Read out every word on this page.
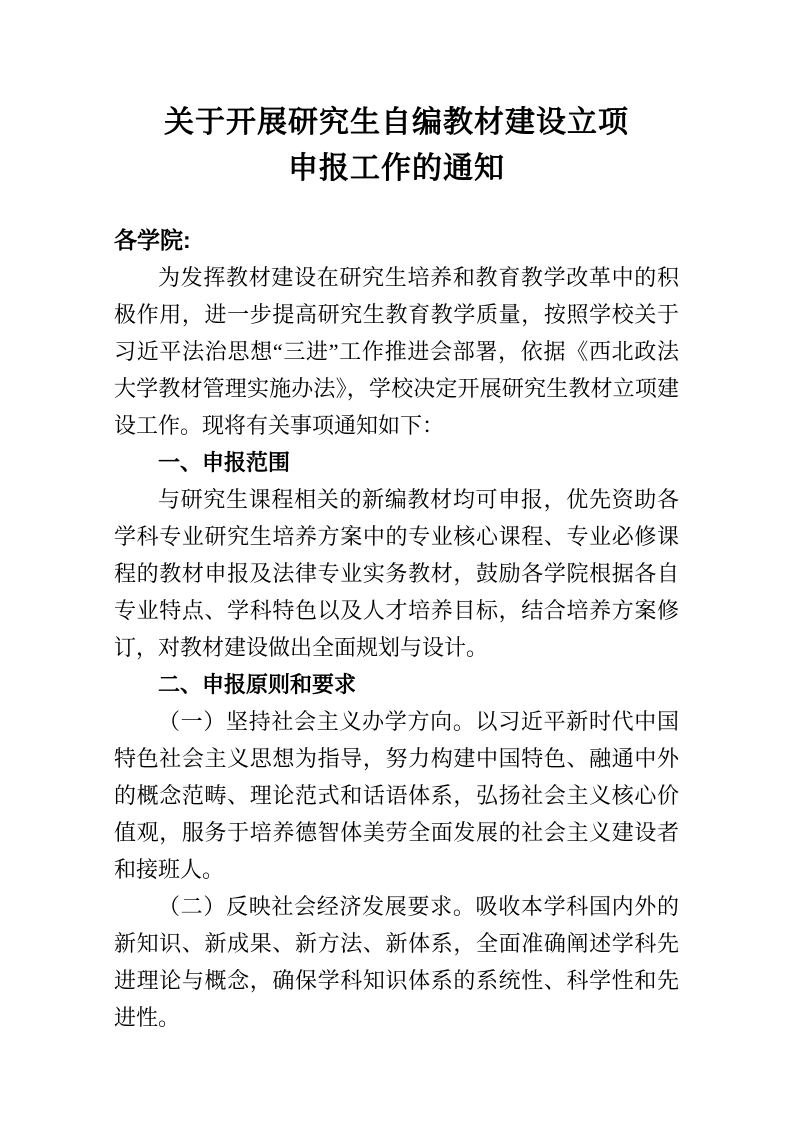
关于开展研究生自编教材建设立项
申报工作的通知
各学院:

为发挥教材建设在研究生培养和教育教学改革中的积极作用，进一步提高研究生教育教学质量，按照学校关于习近平法治思想“三进”工作推进会部署，依据《西北政法大学教材管理实施办法》，学校决定开展研究生教材立项建设工作。现将有关事项通知如下：

一、申报范围

与研究生课程相关的新编教材均可申报，优先资助各学科专业研究生培养方案中的专业核心课程、专业必修课程的教材申报及法律专业实务教材，鼓励各学院根据各自专业特点、学科特色以及人才培养目标，结合培养方案修订，对教材建设做出全面规划与设计。

二、申报原则和要求

（一）坚持社会主义办学方向。以习近平新时代中国特色社会主义思想为指导，努力构建中国特色、融通中外的概念范畴、理论范式和话语体系，弘扬社会主义核心价值观，服务于培养德智体美劳全面发展的社会主义建设者和接班人。

（二）反映社会经济发展要求。吸收本学科国内外的新知识、新成果、新方法、新体系，全面准确阐述学科先进理论与概念，确保学科知识体系的系统性、科学性和先进性。
